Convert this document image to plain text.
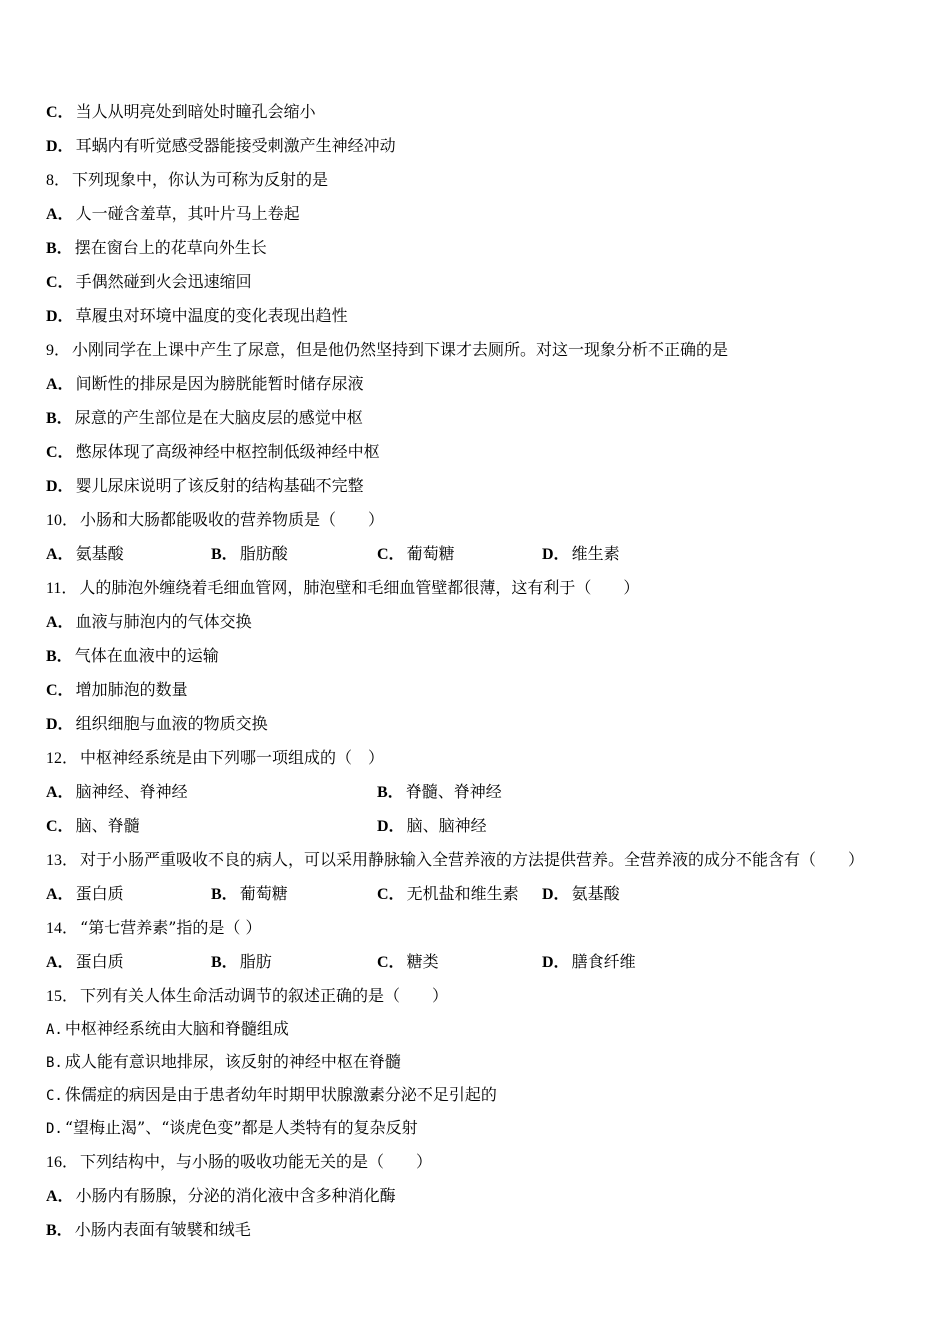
C． 当人从明亮处到暗处时瞳孔会缩小
D． 耳蜗内有听觉感受器能接受刺激产生神经冲动
8． 下列现象中，你认为可称为反射的是
A． 人一碰含羞草，其叶片马上卷起
B． 摆在窗台上的花草向外生长
C． 手偶然碰到火会迅速缩回
D． 草履虫对环境中温度的变化表现出趋性
9． 小刚同学在上课中产生了尿意，但是他仍然坚持到下课才去厕所。对这一现象分析不正确的是
A． 间断性的排尿是因为膀胱能暂时储存尿液
B． 尿意的产生部位是在大脑皮层的感觉中枢
C． 憋尿体现了高级神经中枢控制低级神经中枢
D． 婴儿尿床说明了该反射的结构基础不完整
10． 小肠和大肠都能吸收的营养物质是（　　）
A． 氨基酸	B． 脂肪酸	C． 葡萄糖	D． 维生素
11． 人的肺泡外缠绕着毛细血管网，肺泡壁和毛细血管壁都很薄，这有利于（　　）
A． 血液与肺泡内的气体交换
B． 气体在血液中的运输
C． 增加肺泡的数量
D． 组织细胞与血液的物质交换
12． 中枢神经系统是由下列哪一项组成的（　）
A． 脑神经、脊神经	B． 脊髓、脊神经
C． 脑、脊髓	D． 脑、脑神经
13． 对于小肠严重吸收不良的病人，可以采用静脉输入全营养液的方法提供营养。全营养液的成分不能含有（　　）
A． 蛋白质	B． 葡萄糖	C． 无机盐和维生素 D． 氨基酸
14． “第七营养素”指的是（ ）
A． 蛋白质	B． 脂肪	C． 糖类	D． 膳食纤维
15． 下列有关人体生命活动调节的叙述正确的是（　　）
A. 中枢神经系统由大脑和脊髓组成
B. 成人能有意识地排尿，该反射的神经中枢在脊髓
C. 侏儒症的病因是由于患者幼年时期甲状腺激素分泌不足引起的
D. “望梅止渴”、“谈虎色变”都是人类特有的复杂反射
16． 下列结构中，与小肠的吸收功能无关的是（　　）
A． 小肠内有肠腺，分泌的消化液中含多种消化酶
B． 小肠内表面有皱襞和绒毛
